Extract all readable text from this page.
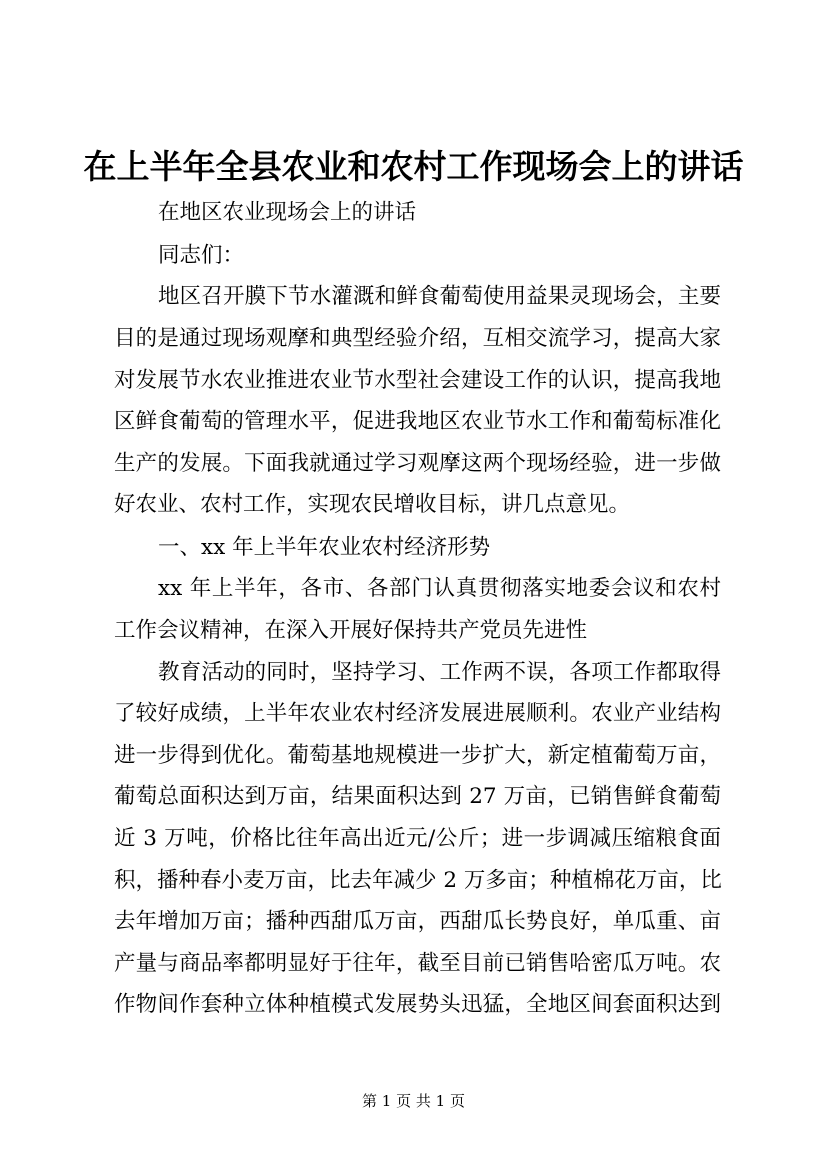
在上半年全县农业和农村工作现场会上的讲话
在地区农业现场会上的讲话
同志们：
地区召开膜下节水灌溉和鲜食葡萄使用益果灵现场会，主要
目的是通过现场观摩和典型经验介绍，互相交流学习，提高大家
对发展节水农业推进农业节水型社会建设工作的认识，提高我地
区鲜食葡萄的管理水平，促进我地区农业节水工作和葡萄标准化
生产的发展。下面我就通过学习观摩这两个现场经验，进一步做
好农业、农村工作，实现农民增收目标，讲几点意见。
一、xx 年上半年农业农村经济形势
xx 年上半年，各市、各部门认真贯彻落实地委会议和农村
工作会议精神，在深入开展好保持共产党员先进性
教育活动的同时，坚持学习、工作两不误，各项工作都取得
了较好成绩，上半年农业农村经济发展进展顺利。农业产业结构
进一步得到优化。葡萄基地规模进一步扩大，新定植葡萄万亩，
葡萄总面积达到万亩，结果面积达到 27 万亩，已销售鲜食葡萄
近 3 万吨，价格比往年高出近元/公斤；进一步调减压缩粮食面
积，播种春小麦万亩，比去年减少 2 万多亩；种植棉花万亩，比
去年增加万亩；播种西甜瓜万亩，西甜瓜长势良好，单瓜重、亩
产量与商品率都明显好于往年，截至目前已销售哈密瓜万吨。农
作物间作套种立体种植模式发展势头迅猛，全地区间套面积达到
第 1 页 共 1 页
